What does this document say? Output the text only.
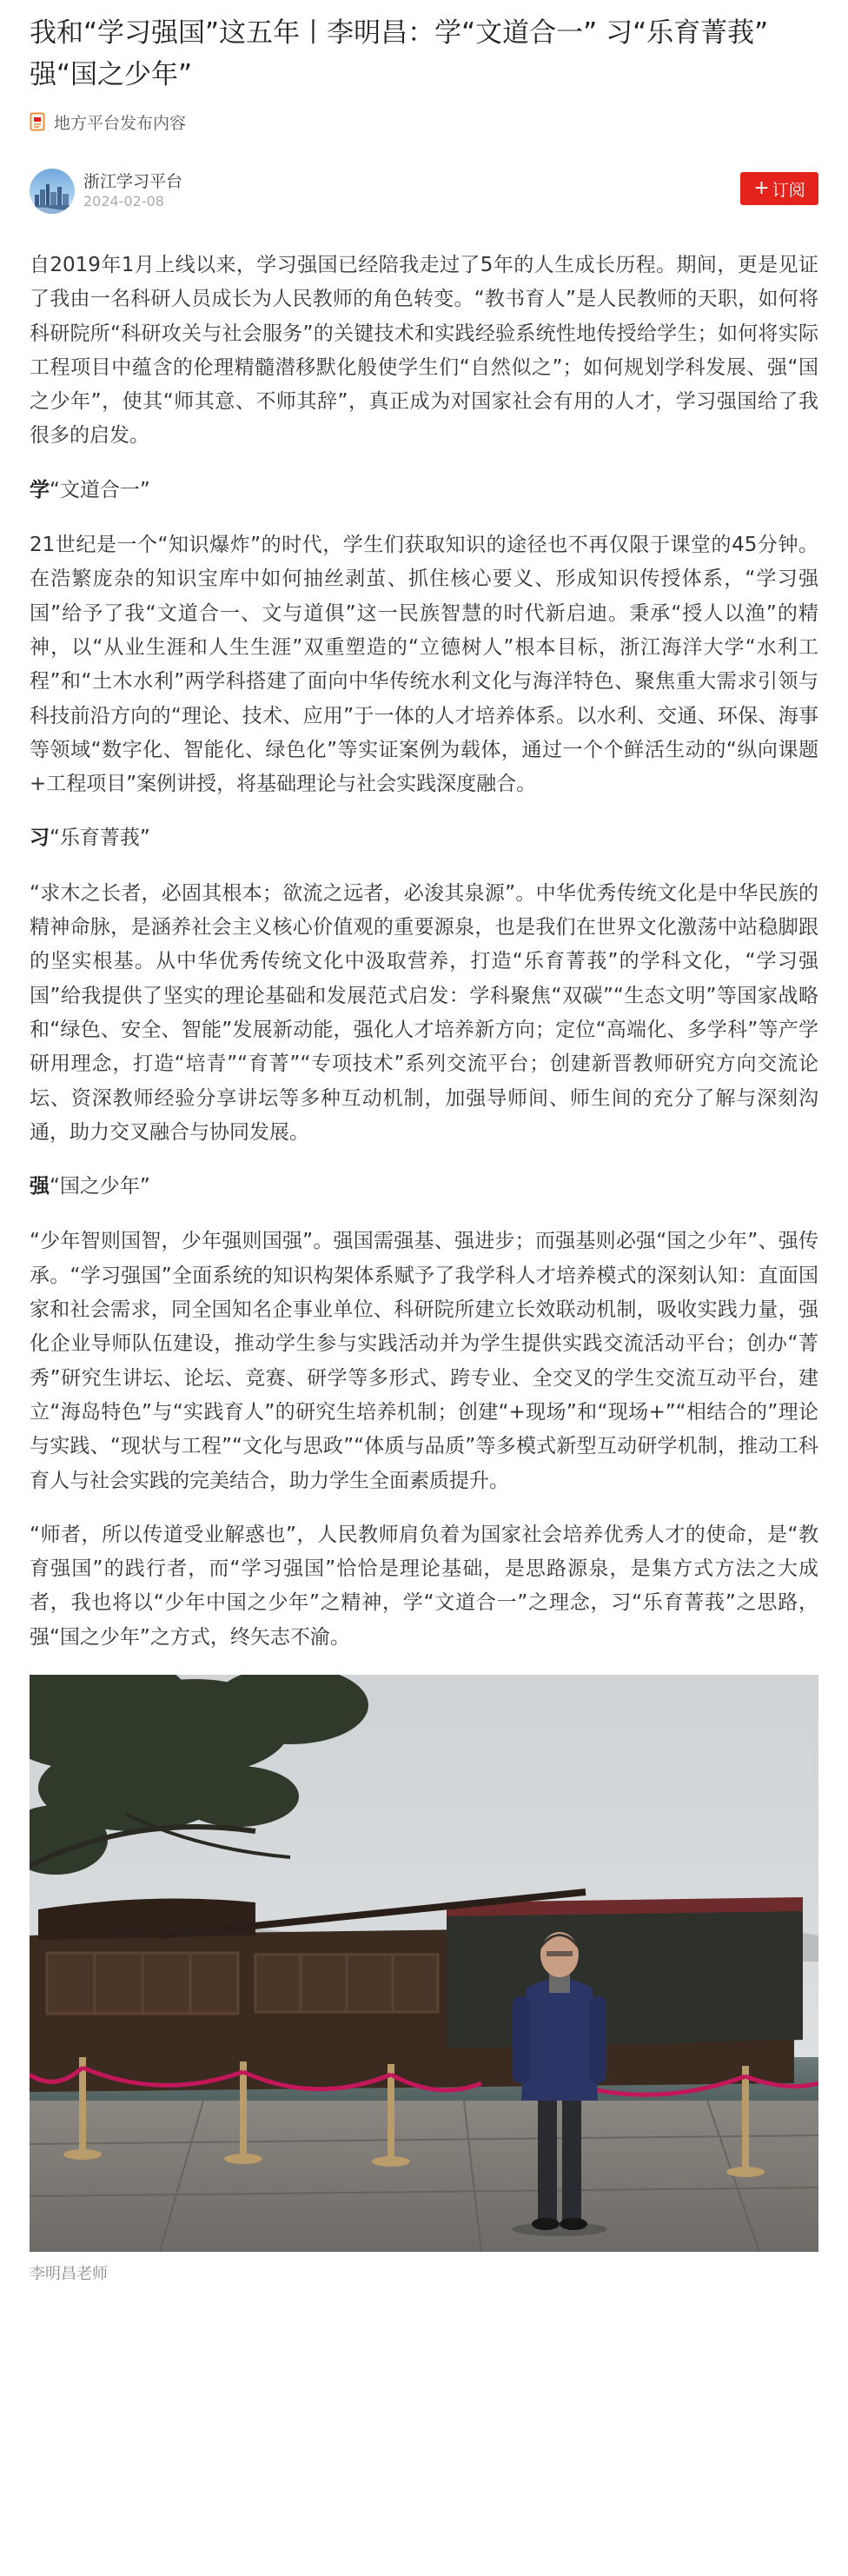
我和“学习强国”这五年丨李明昌：学“文道合一” 习“乐育菁莪” 强“国之少年”
地方平台发布内容
浙江学习平台
2024-02-08
+ 订阅

自2019年1月上线以来，学习强国已经陪我走过了5年的人生成长历程。期间，更是见证了我由一名科研人员成长为人民教师的角色转变。“教书育人”是人民教师的天职，如何将科研院所“科研攻关与社会服务”的关键技术和实践经验系统性地传授给学生；如何将实际工程项目中蕴含的伦理精髓潜移默化般使学生们“自然似之”；如何规划学科发展、强“国之少年”，使其“师其意、不师其辞”，真正成为对国家社会有用的人才，学习强国给了我很多的启发。

学“文道合一”

21世纪是一个“知识爆炸”的时代，学生们获取知识的途径也不再仅限于课堂的45分钟。在浩繁庞杂的知识宝库中如何抽丝剥茧、抓住核心要义、形成知识传授体系，“学习强国”给予了我“文道合一、文与道俱”这一民族智慧的时代新启迪。秉承“授人以渔”的精神，以“从业生涯和人生生涯”双重塑造的“立德树人”根本目标，浙江海洋大学“水利工程”和“土木水利”两学科搭建了面向中华传统水利文化与海洋特色、聚焦重大需求引领与科技前沿方向的“理论、技术、应用”于一体的人才培养体系。以水利、交通、环保、海事等领域“数字化、智能化、绿色化”等实证案例为载体，通过一个个鲜活生动的“纵向课题+工程项目”案例讲授，将基础理论与社会实践深度融合。

习“乐育菁莪”

“求木之长者，必固其根本；欲流之远者，必浚其泉源”。中华优秀传统文化是中华民族的精神命脉，是涵养社会主义核心价值观的重要源泉，也是我们在世界文化激荡中站稳脚跟的坚实根基。从中华优秀传统文化中汲取营养，打造“乐育菁莪”的学科文化，“学习强国”给我提供了坚实的理论基础和发展范式启发：学科聚焦“双碳”“生态文明”等国家战略和“绿色、安全、智能”发展新动能，强化人才培养新方向；定位“高端化、多学科”等产学研用理念，打造“培青”“育菁”“专项技术”系列交流平台；创建新晋教师研究方向交流论坛、资深教师经验分享讲坛等多种互动机制，加强导师间、师生间的充分了解与深刻沟通，助力交叉融合与协同发展。

强“国之少年”

“少年智则国智，少年强则国强”。强国需强基、强进步；而强基则必强“国之少年”、强传承。“学习强国”全面系统的知识构架体系赋予了我学科人才培养模式的深刻认知：直面国家和社会需求，同全国知名企事业单位、科研院所建立长效联动机制，吸收实践力量，强化企业导师队伍建设，推动学生参与实践活动并为学生提供实践交流活动平台；创办“菁秀”研究生讲坛、论坛、竞赛、研学等多形式、跨专业、全交叉的学生交流互动平台，建立“海岛特色”与“实践育人”的研究生培养机制；创建“+现场”和“现场+”“相结合的”理论与实践、“现状与工程”“文化与思政”“体质与品质”等多模式新型互动研学机制，推动工科育人与社会实践的完美结合，助力学生全面素质提升。

“师者，所以传道受业解惑也”，人民教师肩负着为国家社会培养优秀人才的使命，是“教育强国”的践行者，而“学习强国”恰恰是理论基础，是思路源泉，是集方式方法之大成者，我也将以“少年中国之少年”之精神，学“文道合一”之理念，习“乐育菁莪”之思路，强“国之少年”之方式，终矢志不渝。

李明昌老师
